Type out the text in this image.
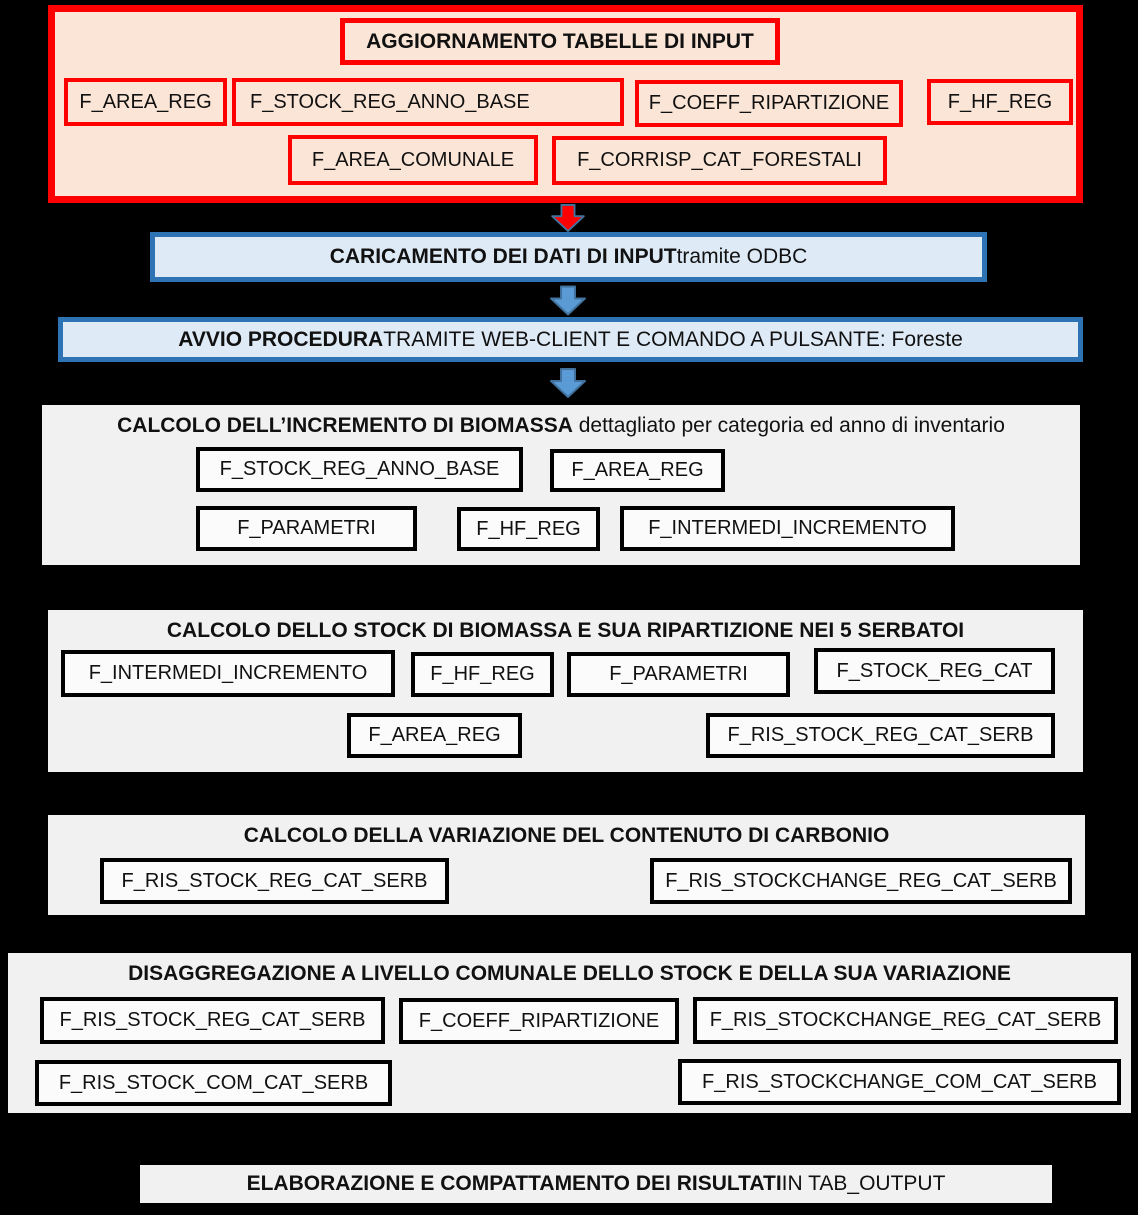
AGGIORNAMENTO TABELLE DI INPUT
F_AREA_REG	F_STOCK_REG_ANNO_BASE	F_COEFF_RIPARTIZIONE	F_HF_REG
F_AREA_COMUNALE	F_CORRISP_CAT_FORESTALI
CARICAMENTO DEI DATI DI INPUT tramite ODBC
AVVIO PROCEDURA TRAMITE WEB-CLIENT E COMANDO A PULSANTE: Foreste
CALCOLO DELL’INCREMENTO DI BIOMASSA dettagliato per categoria ed anno di inventario
F_STOCK_REG_ANNO_BASE	F_AREA_REG
F_PARAMETRI	F_HF_REG	F_INTERMEDI_INCREMENTO
CALCOLO DELLO STOCK DI BIOMASSA E SUA RIPARTIZIONE NEI 5 SERBATOI
F_INTERMEDI_INCREMENTO	F_HF_REG	F_PARAMETRI	F_STOCK_REG_CAT
F_AREA_REG	F_RIS_STOCK_REG_CAT_SERB
CALCOLO DELLA VARIAZIONE DEL CONTENUTO DI CARBONIO
F_RIS_STOCK_REG_CAT_SERB	F_RIS_STOCKCHANGE_REG_CAT_SERB
DISAGGREGAZIONE A LIVELLO COMUNALE DELLO STOCK E DELLA SUA VARIAZIONE
F_RIS_STOCK_REG_CAT_SERB	F_COEFF_RIPARTIZIONE	F_RIS_STOCKCHANGE_REG_CAT_SERB
F_RIS_STOCK_COM_CAT_SERB	F_RIS_STOCKCHANGE_COM_CAT_SERB
ELABORAZIONE E COMPATTAMENTO DEI RISULTATI IN TAB_OUTPUT
